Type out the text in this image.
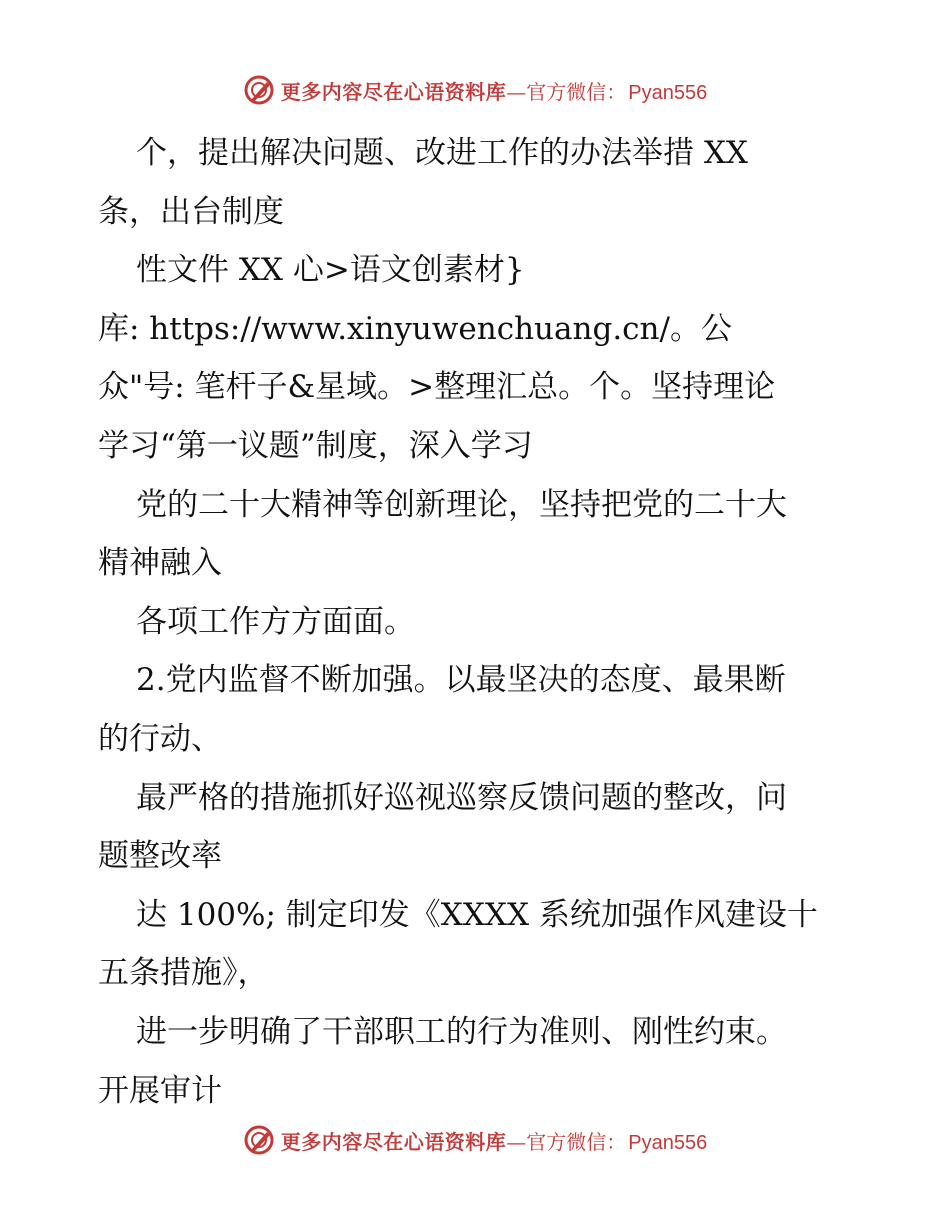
更多内容尽在心语资料库 — 官方微信： Pyan556
个，提出解决问题、改进工作的办法举措 XX
条，出台制度
性文件 XX 心>语文创素材}
库: https://www.xinyuwenchuang.cn/。公
众"号: 笔杆子&星域。>整理汇总。个。坚持理论
学习“第一议题”制度，深入学习
党的二十大精神等创新理论，坚持把党的二十大
精神融入
各项工作方方面面。
2.党内监督不断加强。以最坚决的态度、最果断
的行动、
最严格的措施抓好巡视巡察反馈问题的整改，问
题整改率
达 100%; 制定印发《XXXX 系统加强作风建设十
五条措施》，
进一步明确了干部职工的行为准则、刚性约束。
开展审计
更多内容尽在心语资料库 — 官方微信： Pyan556
